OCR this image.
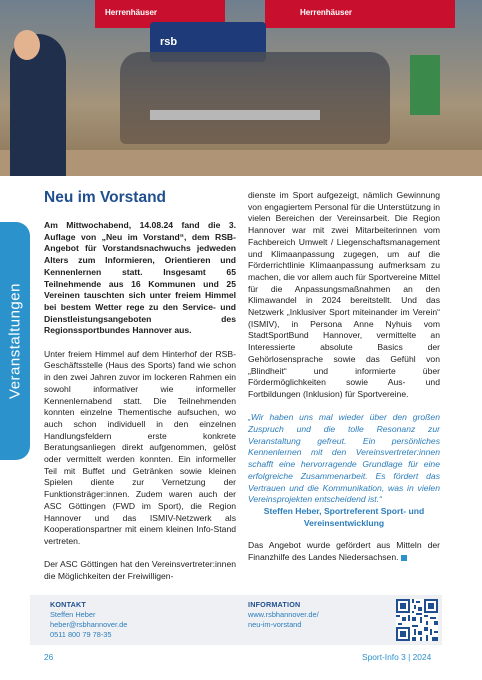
Herrenhäuser	Herrenhäuser
rsb
Veranstaltungen
Neu im Vorstand

Am Mittwochabend, 14.08.24 fand die 3. Auflage von „Neu im Vorstand“, dem RSB-Angebot für Vorstandsnachwuchs jedweden Alters zum Informieren, Orientieren und Kennenlernen statt. Insgesamt 65 Teilnehmende aus 16 Kommunen und 25 Vereinen tauschten sich unter freiem Himmel bei bestem Wetter rege zu den Service- und Dienstleistungsangeboten des Regionssportbundes Hannover aus.

Unter freiem Himmel auf dem Hinterhof der RSB-Geschäftsstelle (Haus des Sports) fand wie schon in den zwei Jahren zuvor im lockeren Rahmen ein sowohl informativer wie informeller Kennenlernabend statt. Die Teilnehmenden konnten einzelne Thementische aufsuchen, wo auch schon individuell in den einzelnen Handlungsfeldern erste konkrete Beratungsanliegen direkt aufgenommen, gelöst oder vermittelt werden konnten. Ein informeller Teil mit Buffet und Getränken sowie kleinen Spielen diente zur Vernetzung der Funktionsträger:innen. Zudem waren auch der ASC Göttingen (FWD im Sport), die Region Hannover und das ISMIV-Netzwerk als Kooperationspartner mit einem kleinen Info-Stand vertreten.

Der ASC Göttingen hat den Vereinsvertreter:innen die Möglichkeiten der Freiwilligen-

dienste im Sport aufgezeigt, nämlich Gewinnung von engagiertem Personal für die Unterstützung in vielen Bereichen der Vereinsarbeit. Die Region Hannover war mit zwei Mitarbeiterinnen vom Fachbereich Umwelt / Liegenschaftsmanagement und Klimaanpassung zugegen, um auf die Förderrichtlinie Klimaanpassung aufmerksam zu machen, die vor allem auch für Sportvereine Mittel für die Anpassungsmaßnahmen an den Klimawandel in 2024 bereitstellt. Und das Netzwerk „Inklusiver Sport miteinander im Verein“ (ISMIV), in Persona Anne Nyhuis vom StadtSportBund Hannover, vermittelte an Interessierte absolute Basics der Gehörlosensprache sowie das Gefühl von „Blindheit“ und informierte über Fördermöglichkeiten sowie Aus- und Fortbildungen (Inklusion) für Sportvereine.

„Wir haben uns mal wieder über den großen Zuspruch und die tolle Resonanz zur Veranstaltung gefreut. Ein persönliches Kennenlernen mit den Vereinsvertreter:innen schafft eine hervorragende Grundlage für eine erfolgreiche Zusammenarbeit. Es fördert das Vertrauen und die Kommunikation, was in vielen Vereinsprojekten entscheidend ist.“

Steffen Heber, Sportreferent Sport- und Vereinsentwicklung

Das Angebot wurde gefördert aus Mitteln der Finanzhilfe des Landes Niedersachsen.

KONTAKT
Steffen Heber
heber@rsbhannover.de
0511 800 79 78-35
INFORMATION
www.rsbhannover.de/
neu-im-vorstand
26	Sport-Info 3 | 2024
